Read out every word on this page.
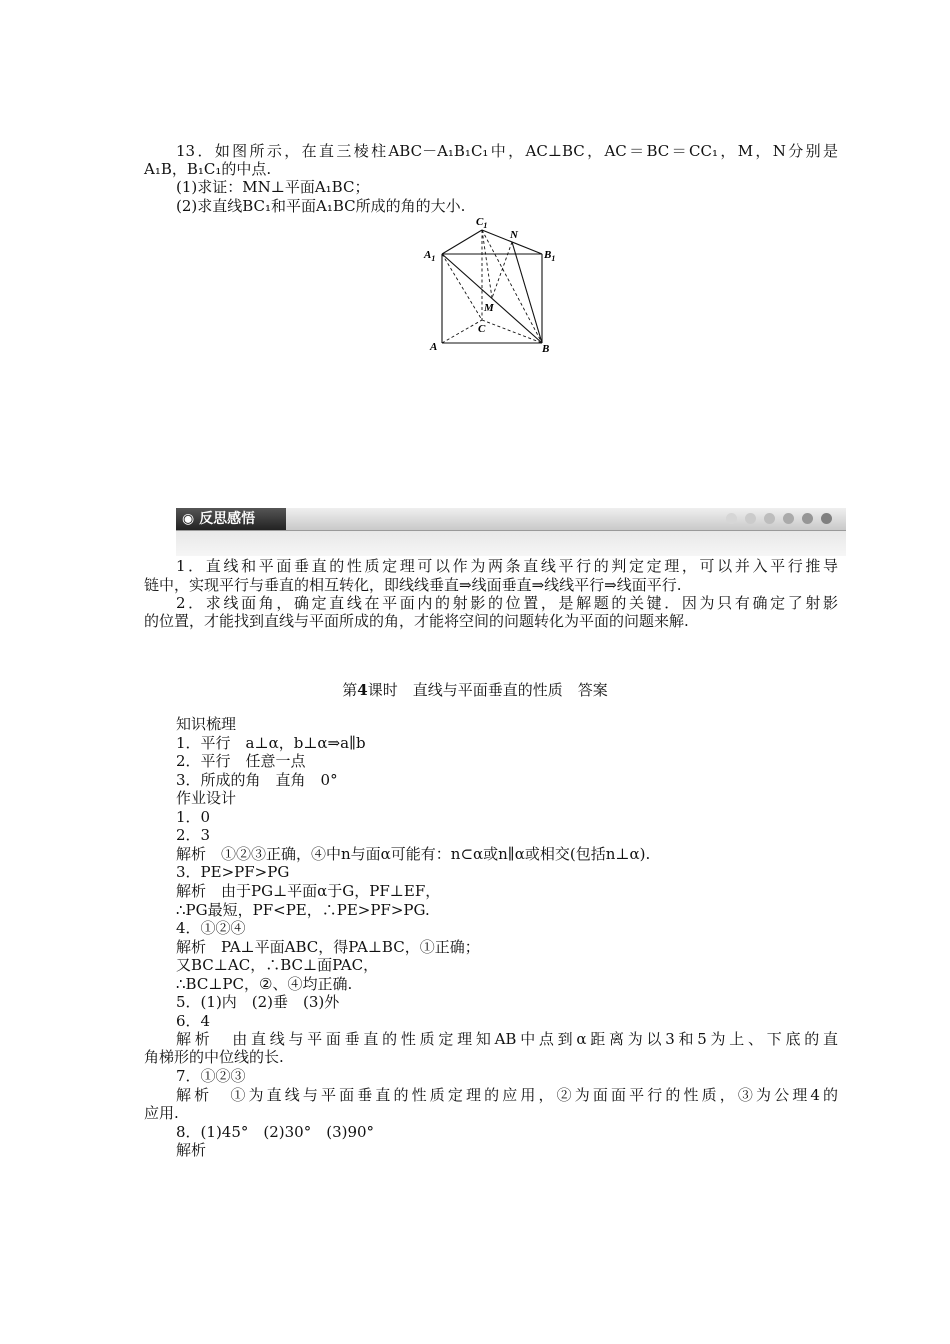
13．如图所示，在直三棱柱ABC－A₁B₁C₁中，AC⊥BC，AC＝BC＝CC₁，M，N分别是
A₁B，B₁C₁的中点.
(1)求证：MN⊥平面A₁BC；
(2)求直线BC₁和平面A₁BC所成的角的大小.
$A_1$	$B_1$
$C_1$
N
M
C
A	B
◉ 反思感悟
1．直线和平面垂直的性质定理可以作为两条直线平行的判定定理，可以并入平行推导
链中，实现平行与垂直的相互转化，即线线垂直⇒线面垂直⇒线线平行⇒线面平行.
2．求线面角，确定直线在平面内的射影的位置，是解题的关键．因为只有确定了射影
的位置，才能找到直线与平面所成的角，才能将空间的问题转化为平面的问题来解.
第4课时　直线与平面垂直的性质　答案
知识梳理
1．平行　a⊥α，b⊥α⇒a∥b
2．平行　任意一点
3．所成的角　直角　0°
作业设计
1．0
2．3
解析　①②③正确，④中n与面α可能有：n⊂α或n∥α或相交(包括n⊥α).
3．PE>PF>PG
解析　由于PG⊥平面α于G，PF⊥EF，
∴PG最短，PF<PE，∴PE>PF>PG.
4．①②④
解析　PA⊥平面ABC，得PA⊥BC，①正确；
又BC⊥AC，∴BC⊥面PAC，
∴BC⊥PC，②、④均正确.
5．(1)内　(2)垂　(3)外
6．4
解析　由直线与平面垂直的性质定理知AB中点到α距离为以3和5为上、下底的直
角梯形的中位线的长.
7．①②③
解析　①为直线与平面垂直的性质定理的应用，②为面面平行的性质，③为公理4的
应用.
8．(1)45°　(2)30°　(3)90°
解析
